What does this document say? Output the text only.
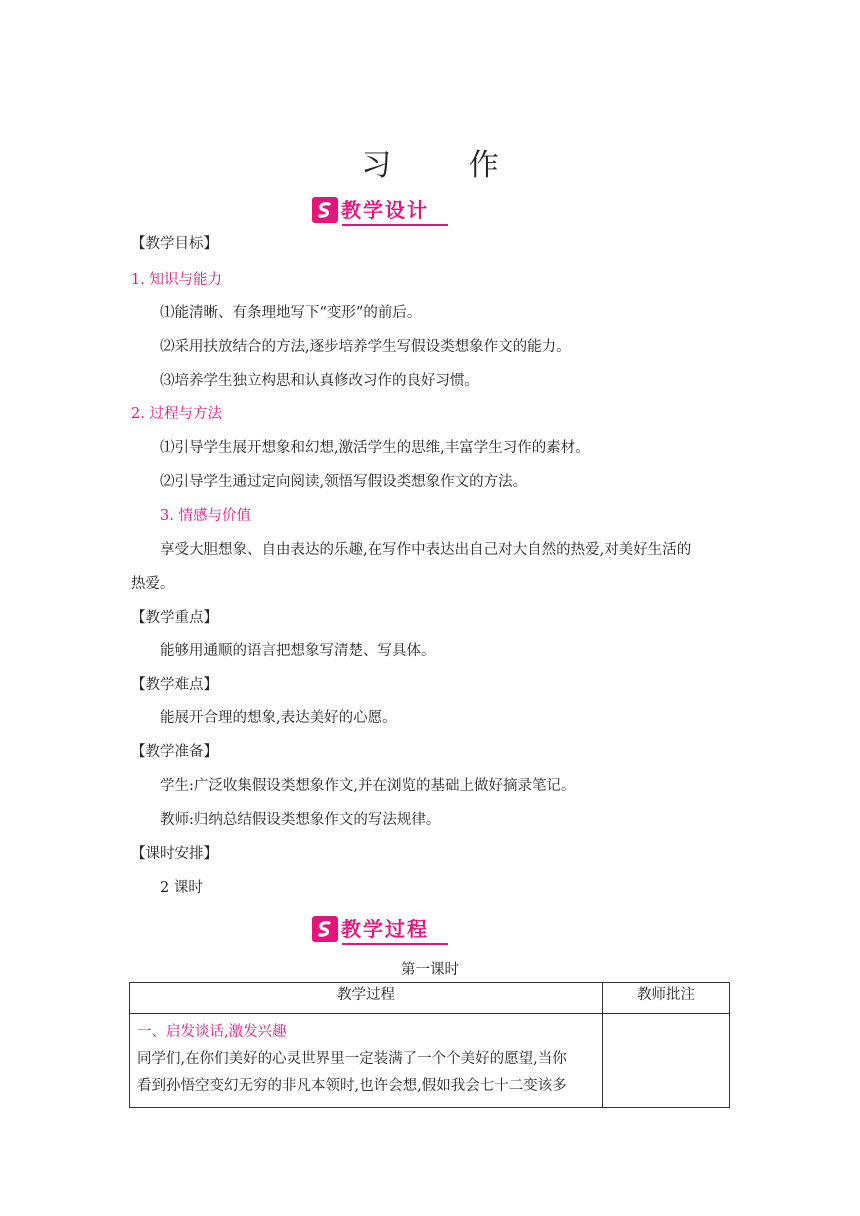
习 作
教学设计
【教学目标】
1. 知识与能力
⑴能清晰、有条理地写下“变形”的前后。
⑵采用扶放结合的方法,逐步培养学生写假设类想象作文的能力。
⑶培养学生独立构思和认真修改习作的良好习惯。
2. 过程与方法
⑴引导学生展开想象和幻想,激活学生的思维,丰富学生习作的素材。
⑵引导学生通过定向阅读,领悟写假设类想象作文的方法。
3. 情感与价值
享受大胆想象、自由表达的乐趣,在写作中表达出自己对大自然的热爱,对美好生活的
热爱。
【教学重点】
能够用通顺的语言把想象写清楚、写具体。
【教学难点】
能展开合理的想象,表达美好的心愿。
【教学准备】
学生:广泛收集假设类想象作文,并在浏览的基础上做好摘录笔记。
教师:归纳总结假设类想象作文的写法规律。
【课时安排】
2 课时
教学过程
第一课时
教学过程	教师批注

一、启发谈话,激发兴趣
同学们,在你们美好的心灵世界里一定装满了一个个美好的愿望,当你
看到孙悟空变幻无穷的非凡本领时,也许会想,假如我会七十二变该多	
